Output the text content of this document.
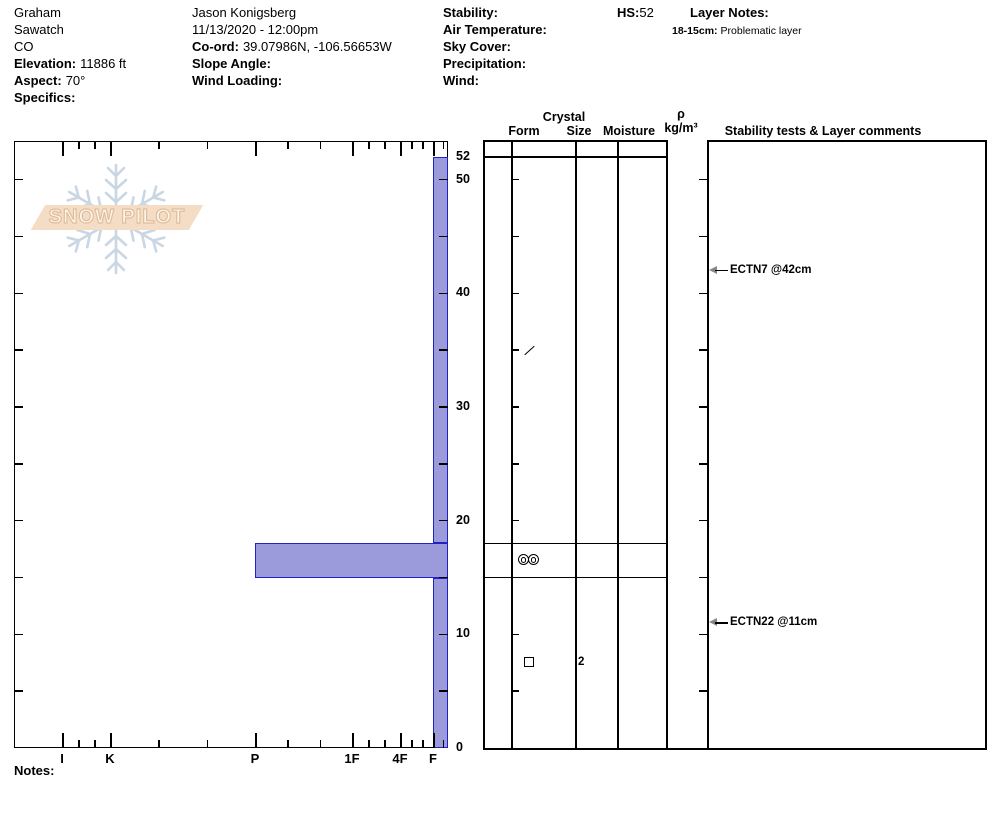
Graham
Sawatch
CO
Elevation: 11886 ft
Aspect: 70°
Specifics:
Jason Konigsberg
11/13/2020 - 12:00pm
Co-ord: 39.07986N, -106.56653W
Slope Angle:
Wind Loading:
Stability:
Air Temperature:
Sky Cover:
Precipitation:
Wind:
HS:52	Layer Notes:
18-15cm: Problematic layer
SNOW PILOT
Crystal
Form	Size Moisture
ρ
kg/m³	Stability tests & Layer comments
52
50
40
30
20
10
0
I	K	P	1F	4F	F
2
ECTN7 @42cm
ECTN22 @11cm
Notes:
